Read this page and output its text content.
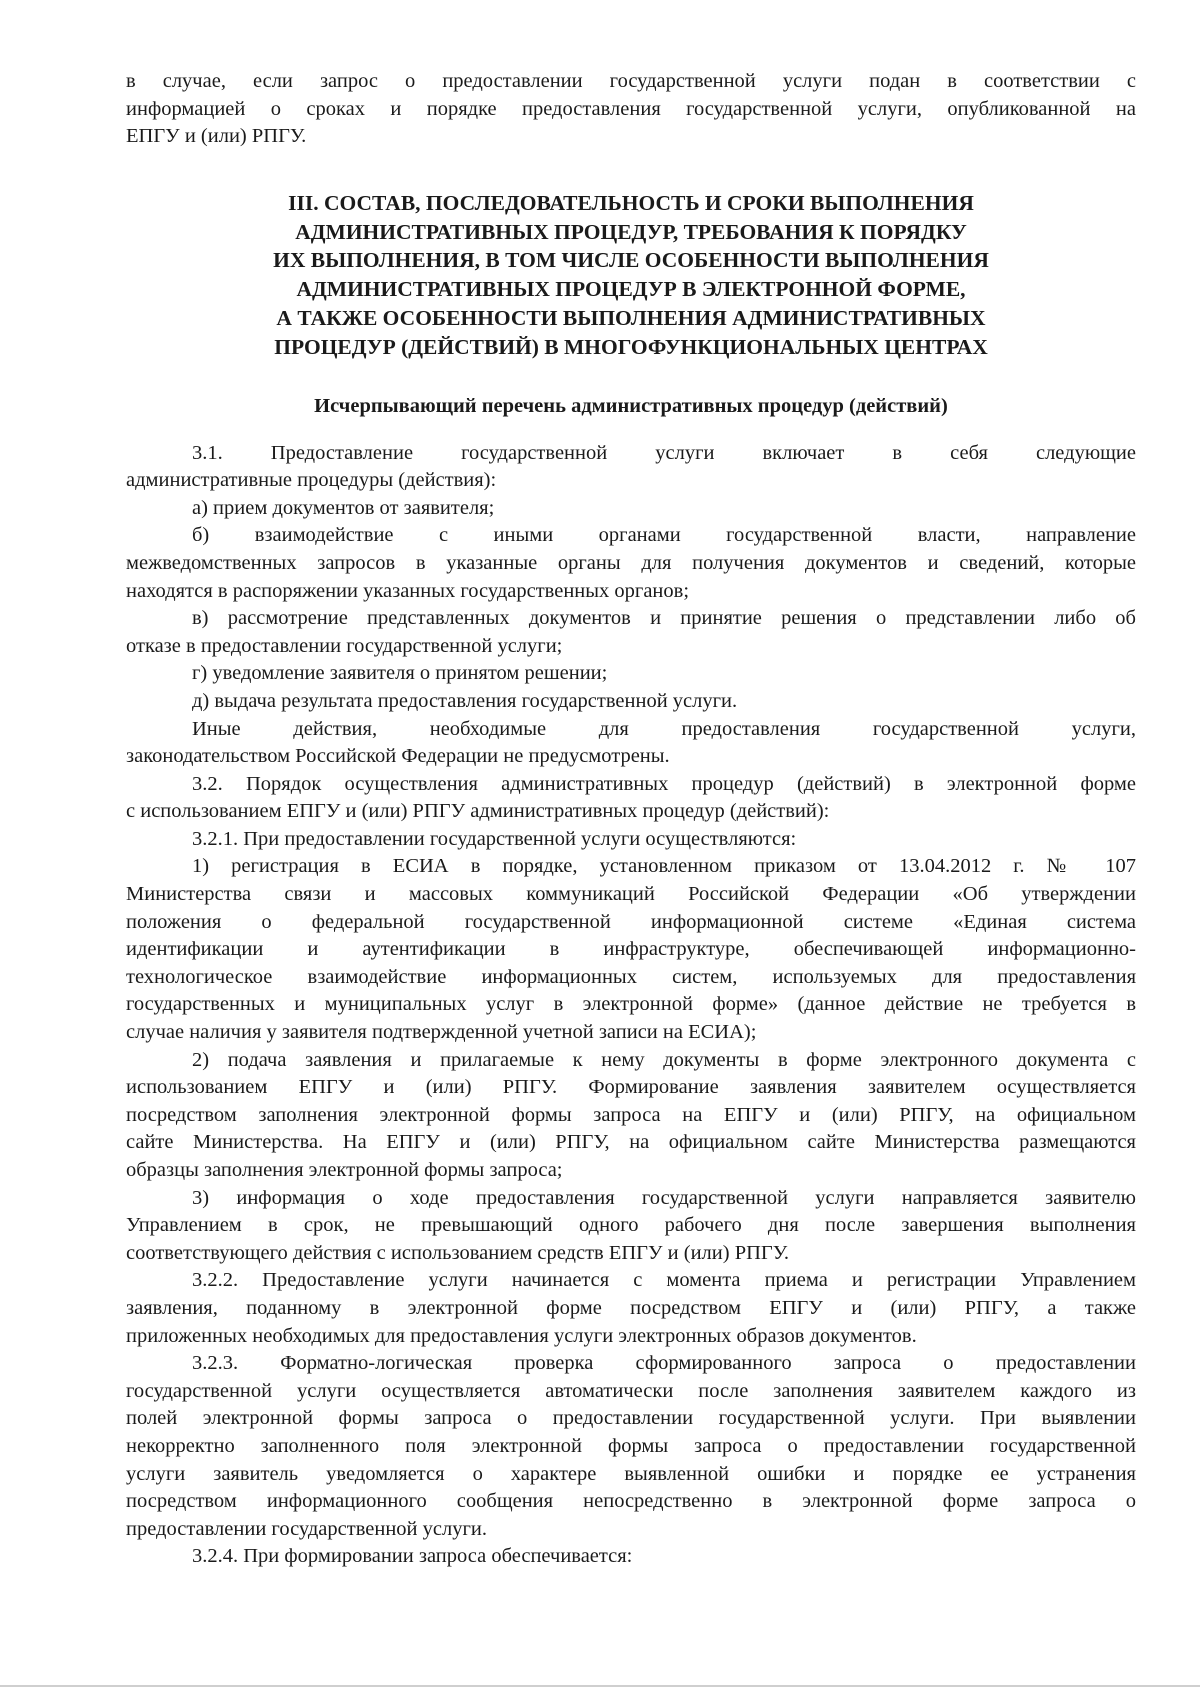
в случае, если запрос о предоставлении государственной услуги подан в соответствии с
информацией о сроках и порядке предоставления государственной услуги, опубликованной на
ЕПГУ и (или) РПГУ.
III. СОСТАВ, ПОСЛЕДОВАТЕЛЬНОСТЬ И СРОКИ ВЫПОЛНЕНИЯ
АДМИНИСТРАТИВНЫХ ПРОЦЕДУР, ТРЕБОВАНИЯ К ПОРЯДКУ
ИХ ВЫПОЛНЕНИЯ, В ТОМ ЧИСЛЕ ОСОБЕННОСТИ ВЫПОЛНЕНИЯ
АДМИНИСТРАТИВНЫХ ПРОЦЕДУР В ЭЛЕКТРОННОЙ ФОРМЕ,
А ТАКЖЕ ОСОБЕННОСТИ ВЫПОЛНЕНИЯ АДМИНИСТРАТИВНЫХ
ПРОЦЕДУР (ДЕЙСТВИЙ) В МНОГОФУНКЦИОНАЛЬНЫХ ЦЕНТРАХ
Исчерпывающий перечень административных процедур (действий)
3.1. Предоставление государственной услуги включает в себя следующие
административные процедуры (действия):
а) прием документов от заявителя;
б) взаимодействие с иными органами государственной власти, направление
межведомственных запросов в указанные органы для получения документов и сведений, которые
находятся в распоряжении указанных государственных органов;
в) рассмотрение представленных документов и принятие решения о представлении либо об
отказе в предоставлении государственной услуги;
г) уведомление заявителя о принятом решении;
д) выдача результата предоставления государственной услуги.
Иные действия, необходимые для предоставления государственной услуги,
законодательством Российской Федерации не предусмотрены.
3.2. Порядок осуществления административных процедур (действий) в электронной форме
с использованием ЕПГУ и (или) РПГУ административных процедур (действий):
3.2.1. При предоставлении государственной услуги осуществляются:
1) регистрация в ЕСИА в порядке, установленном приказом от 13.04.2012 г. № 107
Министерства связи и массовых коммуникаций Российской Федерации «Об утверждении
положения о федеральной государственной информационной системе «Единая система
идентификации и аутентификации в инфраструктуре, обеспечивающей информационно-
технологическое взаимодействие информационных систем, используемых для предоставления
государственных и муниципальных услуг в электронной форме» (данное действие не требуется в
случае наличия у заявителя подтвержденной учетной записи на ЕСИА);
2) подача заявления и прилагаемые к нему документы в форме электронного документа с
использованием ЕПГУ и (или) РПГУ. Формирование заявления заявителем осуществляется
посредством заполнения электронной формы запроса на ЕПГУ и (или) РПГУ, на официальном
сайте Министерства. На ЕПГУ и (или) РПГУ, на официальном сайте Министерства размещаются
образцы заполнения электронной формы запроса;
3) информация о ходе предоставления государственной услуги направляется заявителю
Управлением в срок, не превышающий одного рабочего дня после завершения выполнения
соответствующего действия с использованием средств ЕПГУ и (или) РПГУ.
3.2.2. Предоставление услуги начинается с момента приема и регистрации Управлением
заявления, поданному в электронной форме посредством ЕПГУ и (или) РПГУ, а также
приложенных необходимых для предоставления услуги электронных образов документов.
3.2.3. Форматно-логическая проверка сформированного запроса о предоставлении
государственной услуги осуществляется автоматически после заполнения заявителем каждого из
полей электронной формы запроса о предоставлении государственной услуги. При выявлении
некорректно заполненного поля электронной формы запроса о предоставлении государственной
услуги заявитель уведомляется о характере выявленной ошибки и порядке ее устранения
посредством информационного сообщения непосредственно в электронной форме запроса о
предоставлении государственной услуги.
3.2.4. При формировании запроса обеспечивается:
